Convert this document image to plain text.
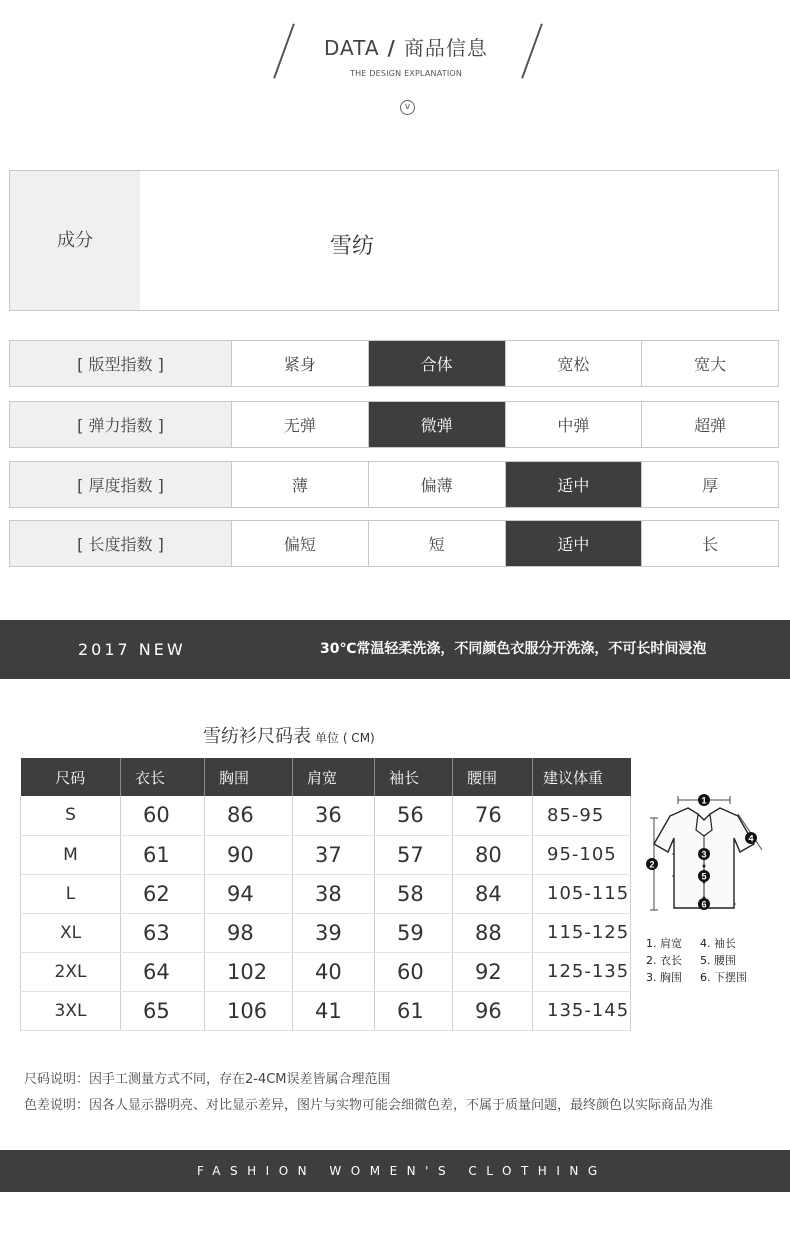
DATA / 商品信息
THE DESIGN EXPLANATION
v
成分	雪纺
[ 版型指数 ]	紧身	合体	宽松	宽大
[ 弹力指数 ]	无弹	微弹	中弹	超弹
[ 厚度指数 ]	薄	偏薄	适中	厚
[ 长度指数 ]	偏短	短	适中	长
2017 NEW	30℃常温轻柔洗涤，不同颜色衣服分开洗涤，不可长时间浸泡
雪纺衫尺码表 单位 ( CM)
尺码	衣长	胸围	肩宽	袖长	腰围	建议体重
S	60	86	36	56	76	85-95
M	61	90	37	57	80	95-105
L	62	94	38	58	84	105-115
XL	63	98	39	59	88	115-125
2XL	64	102	40	60	92	125-135
3XL	65	106	41	61	96	135-145
1
2
3
4
5
6
1. 肩宽 4. 袖长
2. 衣长 5. 腰围
3. 胸围 6. 下摆围
尺码说明：因手工测量方式不同，存在2-4CM误差皆属合理范围
色差说明：因各人显示器明亮、对比显示差异，图片与实物可能会细微色差，不属于质量问题，最终颜色以实际商品为准
FASHION WOMEN'S CLOTHING
